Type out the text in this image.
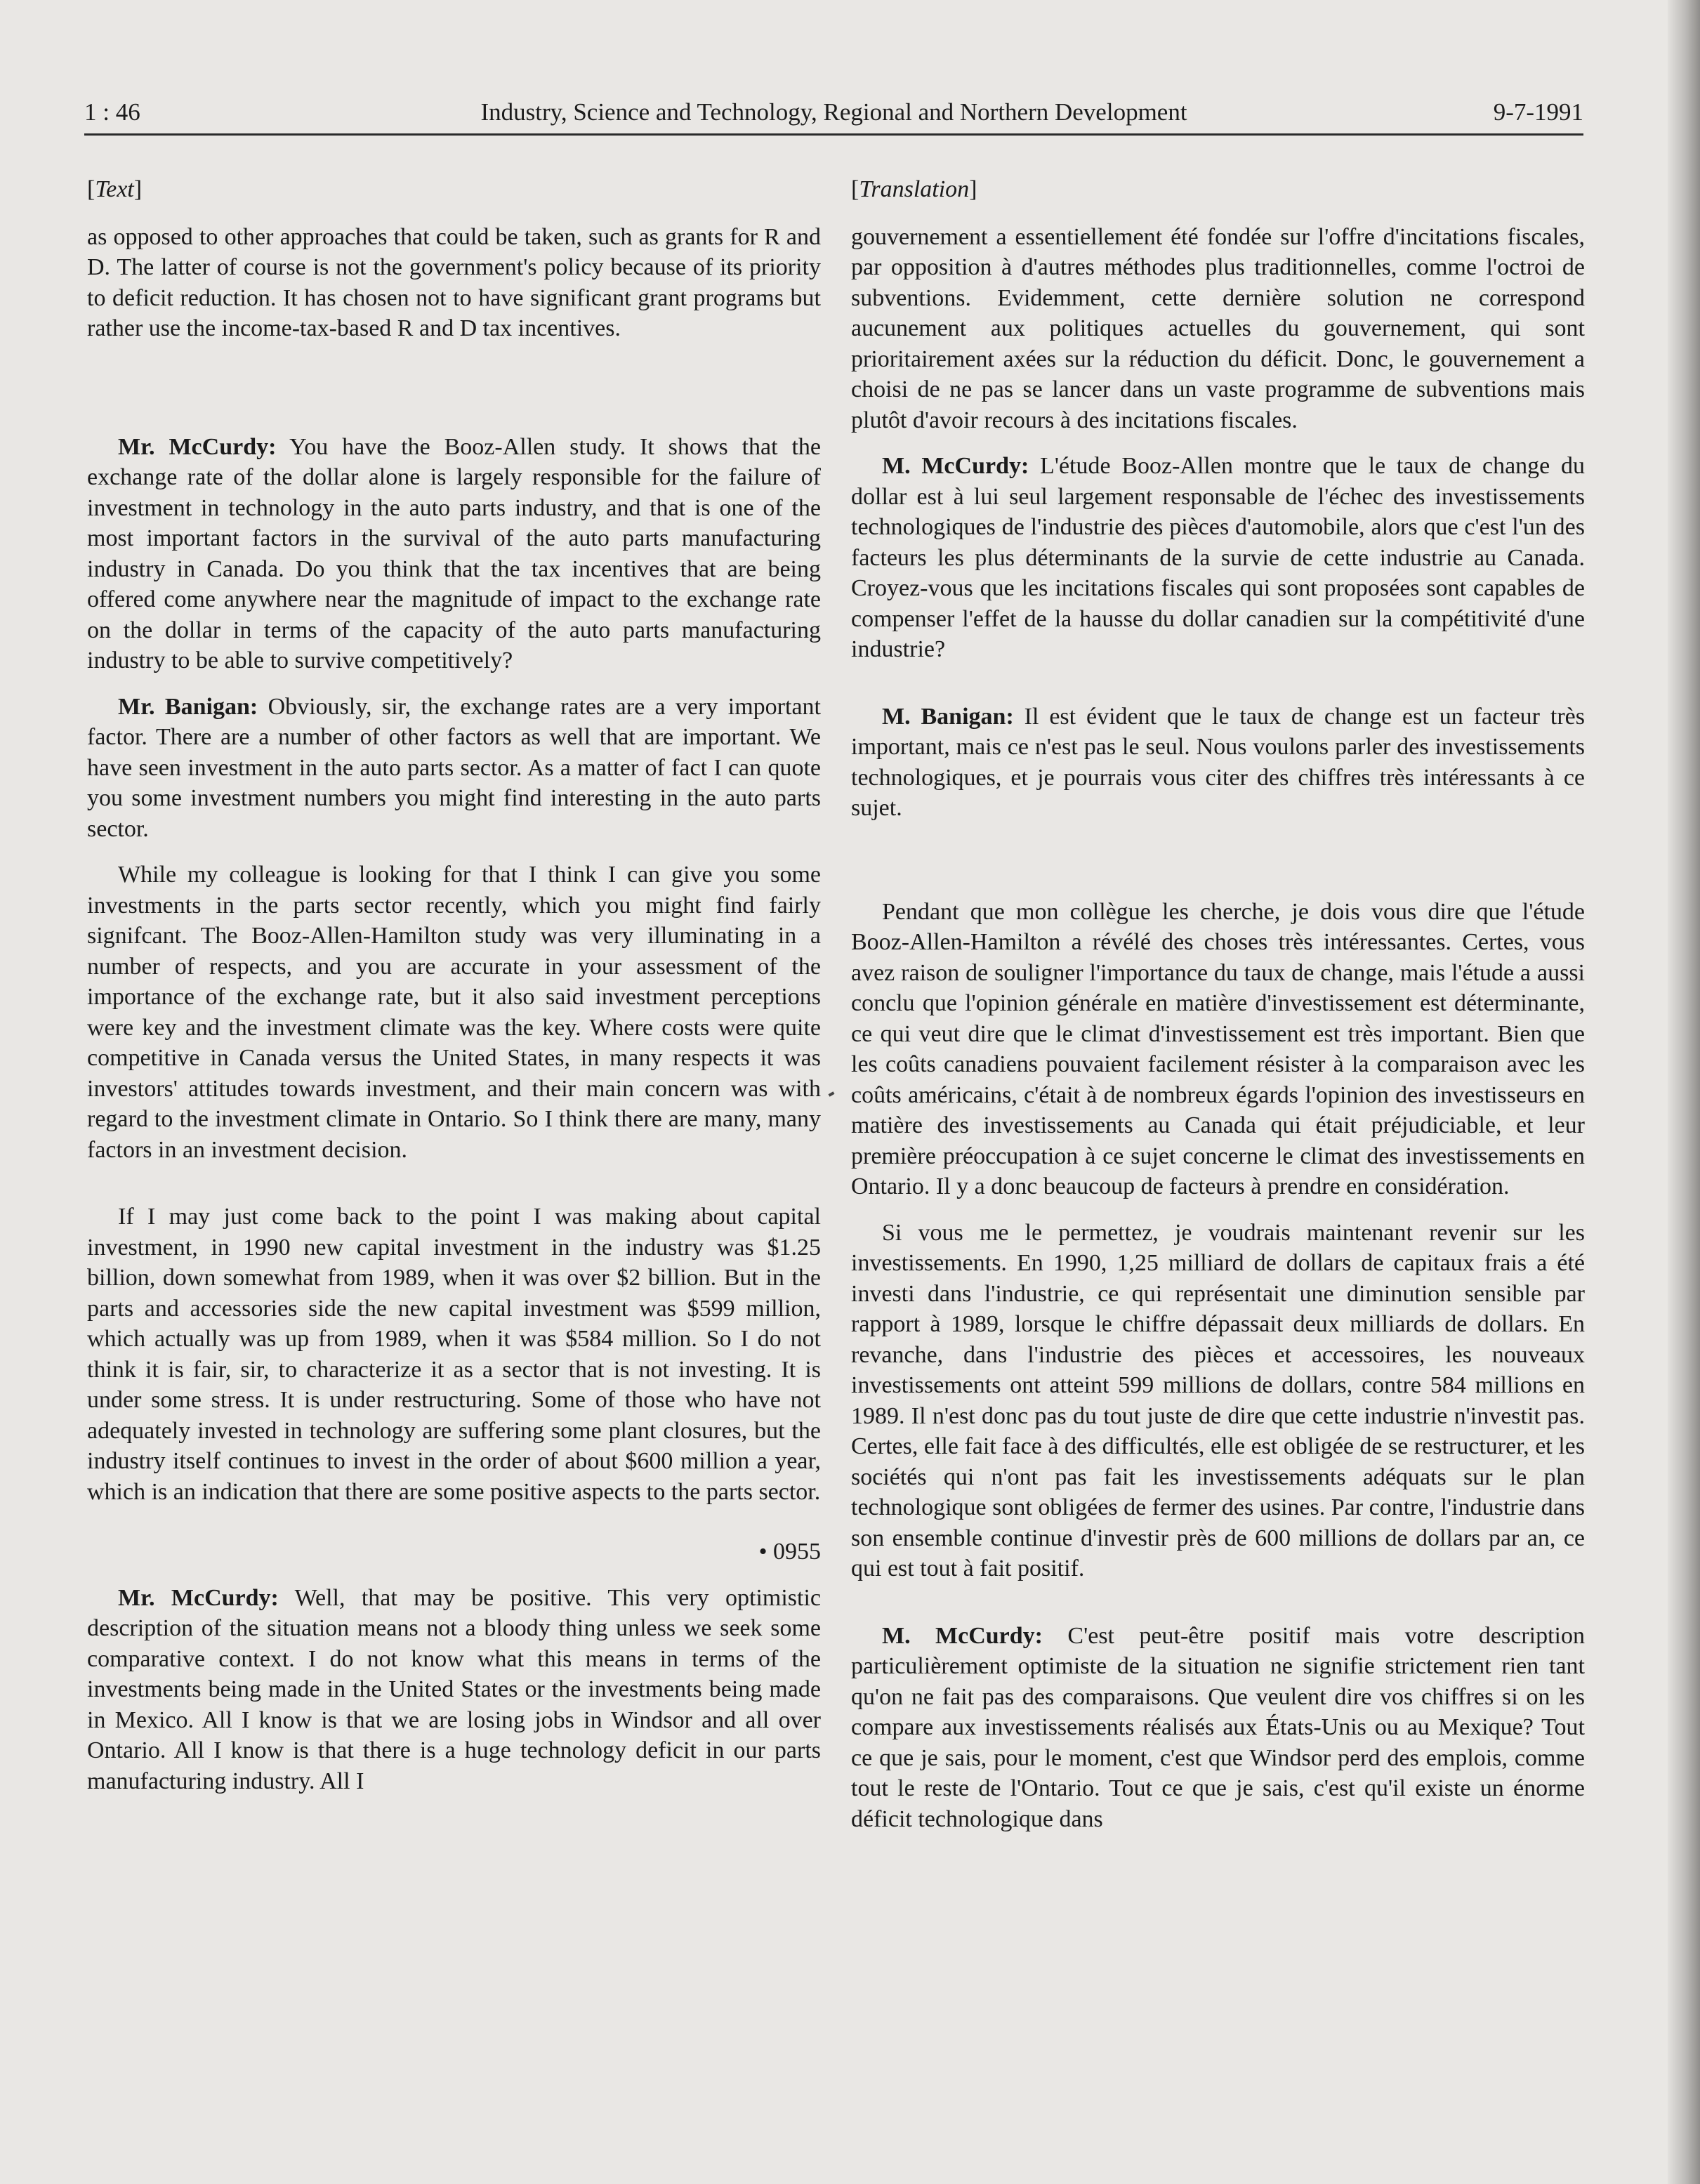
1 : 46	Industry, Science and Technology, Regional and Northern Development	9-7-1991
[Text]

as opposed to other approaches that could be taken, such as grants for R and D. The latter of course is not the government's policy because of its priority to deficit reduction. It has chosen not to have significant grant programs but rather use the income-tax-based R and D tax incentives.

Mr. McCurdy: You have the Booz-Allen study. It shows that the exchange rate of the dollar alone is largely responsible for the failure of investment in technology in the auto parts industry, and that is one of the most important factors in the survival of the auto parts manufacturing industry in Canada. Do you think that the tax incentives that are being offered come anywhere near the magnitude of impact to the exchange rate on the dollar in terms of the capacity of the auto parts manufacturing industry to be able to survive competitively?

Mr. Banigan: Obviously, sir, the exchange rates are a very important factor. There are a number of other factors as well that are important. We have seen investment in the auto parts sector. As a matter of fact I can quote you some investment numbers you might find interesting in the auto parts sector.

While my colleague is looking for that I think I can give you some investments in the parts sector recently, which you might find fairly signifcant. The Booz-Allen-Hamilton study was very illuminating in a number of respects, and you are accurate in your assessment of the importance of the exchange rate, but it also said investment perceptions were key and the investment climate was the key. Where costs were quite competitive in Canada versus the United States, in many respects it was investors' attitudes towards investment, and their main concern was with regard to the investment climate in Ontario. So I think there are many, many factors in an investment decision.

If I may just come back to the point I was making about capital investment, in 1990 new capital investment in the industry was $1.25 billion, down somewhat from 1989, when it was over $2 billion. But in the parts and accessories side the new capital investment was $599 million, which actually was up from 1989, when it was $584 million. So I do not think it is fair, sir, to characterize it as a sector that is not investing. It is under some stress. It is under restructuring. Some of those who have not adequately invested in technology are suffering some plant closures, but the industry itself continues to invest in the order of about $600 million a year, which is an indication that there are some positive aspects to the parts sector.

• 0955

Mr. McCurdy: Well, that may be positive. This very optimistic description of the situation means not a bloody thing unless we seek some comparative context. I do not know what this means in terms of the investments being made in the United States or the investments being made in Mexico. All I know is that we are losing jobs in Windsor and all over Ontario. All I know is that there is a huge technology deficit in our parts manufacturing industry. All I

[Translation]

gouvernement a essentiellement été fondée sur l'offre d'incitations fiscales, par opposition à d'autres méthodes plus traditionnelles, comme l'octroi de subventions. Evidemment, cette dernière solution ne correspond aucunement aux politiques actuelles du gouvernement, qui sont prioritairement axées sur la réduction du déficit. Donc, le gouvernement a choisi de ne pas se lancer dans un vaste programme de subventions mais plutôt d'avoir recours à des incitations fiscales.

M. McCurdy: L'étude Booz-Allen montre que le taux de change du dollar est à lui seul largement responsable de l'échec des investissements technologiques de l'industrie des pièces d'automobile, alors que c'est l'un des facteurs les plus déterminants de la survie de cette industrie au Canada. Croyez-vous que les incitations fiscales qui sont proposées sont capables de compenser l'effet de la hausse du dollar canadien sur la compétitivité d'une industrie?

M. Banigan: Il est évident que le taux de change est un facteur très important, mais ce n'est pas le seul. Nous voulons parler des investissements technologiques, et je pourrais vous citer des chiffres très intéressants à ce sujet.

Pendant que mon collègue les cherche, je dois vous dire que l'étude Booz-Allen-Hamilton a révélé des choses très intéressantes. Certes, vous avez raison de souligner l'importance du taux de change, mais l'étude a aussi conclu que l'opinion générale en matière d'investissement est déterminante, ce qui veut dire que le climat d'investissement est très important. Bien que les coûts canadiens pouvaient facilement résister à la comparaison avec les coûts américains, c'était à de nombreux égards l'opinion des investisseurs en matière des investissements au Canada qui était préjudiciable, et leur première préoccupation à ce sujet concerne le climat des investissements en Ontario. Il y a donc beaucoup de facteurs à prendre en considération.

Si vous me le permettez, je voudrais maintenant revenir sur les investissements. En 1990, 1,25 milliard de dollars de capitaux frais a été investi dans l'industrie, ce qui représentait une diminution sensible par rapport à 1989, lorsque le chiffre dépassait deux milliards de dollars. En revanche, dans l'industrie des pièces et accessoires, les nouveaux investissements ont atteint 599 millions de dollars, contre 584 millions en 1989. Il n'est donc pas du tout juste de dire que cette industrie n'investit pas. Certes, elle fait face à des difficultés, elle est obligée de se restructurer, et les sociétés qui n'ont pas fait les investissements adéquats sur le plan technologique sont obligées de fermer des usines. Par contre, l'industrie dans son ensemble continue d'investir près de 600 millions de dollars par an, ce qui est tout à fait positif.

M. McCurdy: C'est peut-être positif mais votre description particulièrement optimiste de la situation ne signifie strictement rien tant qu'on ne fait pas des comparaisons. Que veulent dire vos chiffres si on les compare aux investissements réalisés aux États-Unis ou au Mexique? Tout ce que je sais, pour le moment, c'est que Windsor perd des emplois, comme tout le reste de l'Ontario. Tout ce que je sais, c'est qu'il existe un énorme déficit technologique dans
